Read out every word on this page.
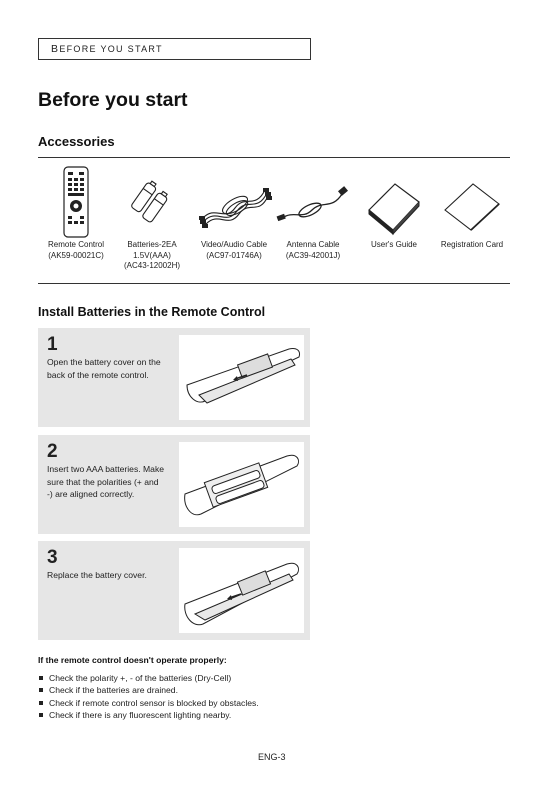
B EFORE YOU START
Before you start
Accessories
Remote Control
(AK59-00021C)
Batteries-2EA
1.5V(AAA)
(AC43-12002H)
Video/Audio Cable
(AC97-01746A)
Antenna Cable
(AC39-42001J)
User's Guide	Registration Card
Install Batteries in the Remote Control
1
Open the battery cover on the back of the remote control.
2
Insert two AAA batteries. Make sure that the polarities (+ and -) are aligned correctly.
3
Replace the battery cover.
If the remote control doesn't operate properly:
Check the polarity +, - of the batteries (Dry-Cell)
Check if the batteries are drained.
Check if remote control sensor is blocked by obstacles.
Check if there is any fluorescent lighting nearby.
ENG-3
